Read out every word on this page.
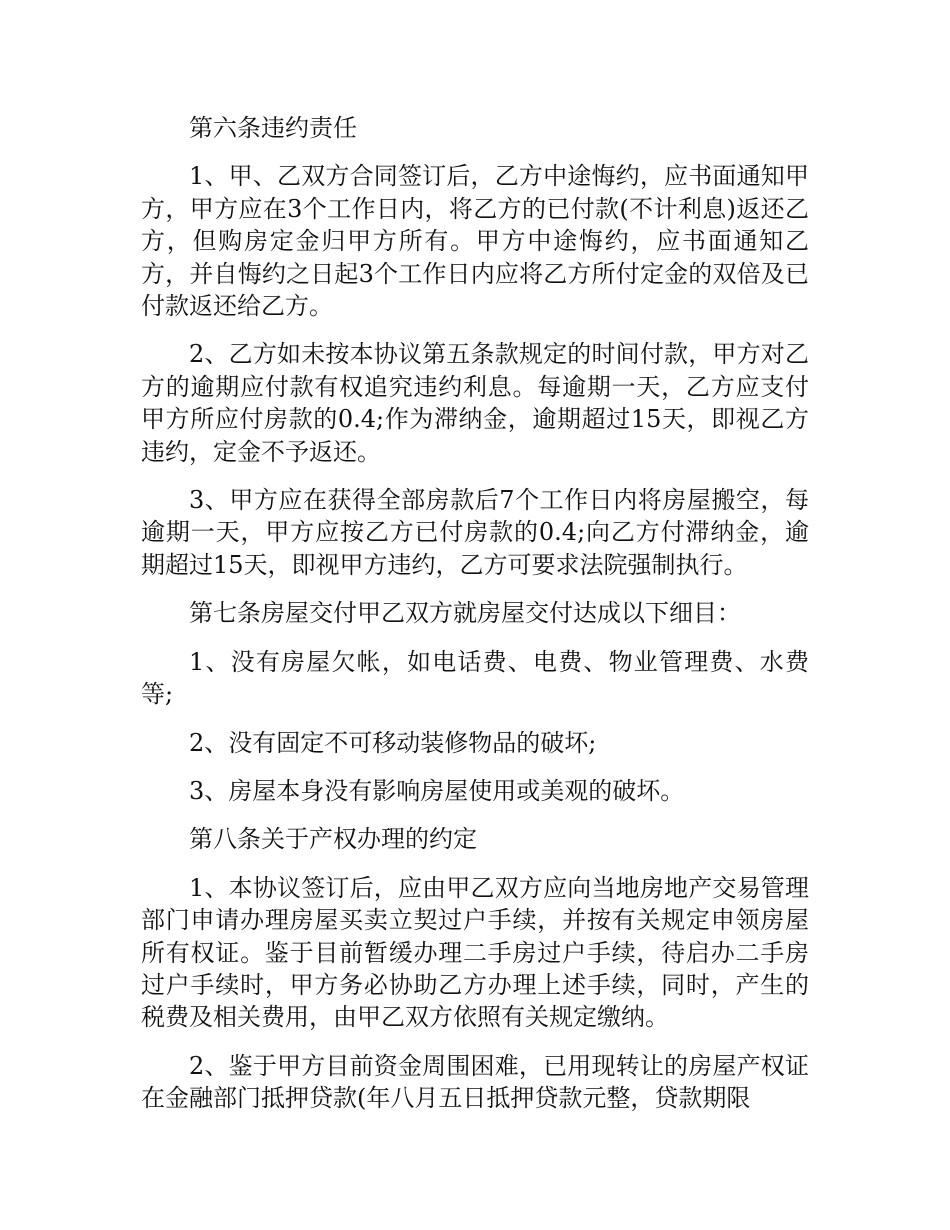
第六条违约责任

1、甲、乙双方合同签订后，乙方中途悔约，应书面通知甲方，甲方应在3个工作日内，将乙方的已付款(不计利息)返还乙方，但购房定金归甲方所有。甲方中途悔约，应书面通知乙方，并自悔约之日起3个工作日内应将乙方所付定金的双倍及已付款返还给乙方。

2、乙方如未按本协议第五条款规定的时间付款，甲方对乙方的逾期应付款有权追究违约利息。每逾期一天，乙方应支付甲方所应付房款的0.4;作为滞纳金，逾期超过15天，即视乙方违约，定金不予返还。

3、甲方应在获得全部房款后7个工作日内将房屋搬空，每逾期一天，甲方应按乙方已付房款的0.4;向乙方付滞纳金，逾期超过15天，即视甲方违约，乙方可要求法院强制执行。

第七条房屋交付甲乙双方就房屋交付达成以下细目：

1、没有房屋欠帐，如电话费、电费、物业管理费、水费等;

2、没有固定不可移动装修物品的破坏;

3、房屋本身没有影响房屋使用或美观的破坏。

第八条关于产权办理的约定

1、本协议签订后，应由甲乙双方应向当地房地产交易管理部门申请办理房屋买卖立契过户手续，并按有关规定申领房屋所有权证。鉴于目前暂缓办理二手房过户手续，待启办二手房过户手续时，甲方务必协助乙方办理上述手续，同时，产生的税费及相关费用，由甲乙双方依照有关规定缴纳。

2、鉴于甲方目前资金周围困难，已用现转让的房屋产权证在金融部门抵押贷款(年八月五日抵押贷款元整，贷款期限
